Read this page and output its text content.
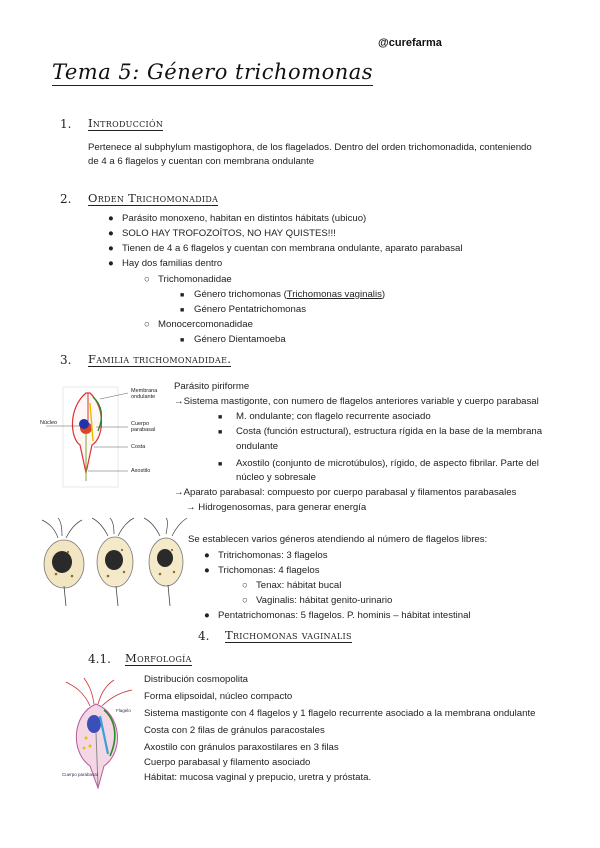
@curefarma
Tema 5: Género trichomonas
1. Introducción
Pertenece al subphylum mastigophora, de los flagelados. Dentro del orden trichomonadida, conteniendo
de 4 a 6 flagelos y cuentan con membrana ondulante
2. Orden Trichomonadida
● Parásito monoxeno, habitan en distintos hábitats (ubicuo)
● SOLO HAY TROFOZOÍTOS, NO HAY QUISTES!!!
● Tienen de 4 a 6 flagelos y cuentan con membrana ondulante, aparato parabasal
● Hay dos familias dentro
○ Trichomonadidae
■ Género trichomonas (Trichomonas vaginalis)
■ Género Pentatrichomonas
○ Monocercomonadidae
■ Género Dientamoeba
3. Familia trichomonadidae.
Membrana
ondulante
Núcleo	Cuerpo
parabasal
Costa
Axostilo
Parásito piriforme
→Sistema mastigonte, con numero de flagelos anteriores variable y cuerpo parabasal
■ M. ondulante; con flagelo recurrente asociado
■ Costa (función estructural), estructura rígida en la base de la membrana
ondulante
■ Axostilo (conjunto de microtúbulos), rígido, de aspecto fibrilar. Parte del
núcleo y sobresale
→Aparato parabasal: compuesto por cuerpo parabasal y filamentos parabasales
→ Hidrogenosomas, para generar energía
Se establecen varios géneros atendiendo al número de flagelos libres:
● Tritrichomonas: 3 flagelos
● Trichomonas: 4 flagelos
○ Tenax: hábitat bucal
○ Vaginalis: hábitat genito-urinario
● Pentatrichomonas: 5 flagelos. P. hominis – hábitat intestinal
4. Trichomonas vaginalis
4.1. Morfología
Cuerpo parabasal
Flagelo
Distribución cosmopolita
Forma elipsoidal, núcleo compacto
Sistema mastigonte con 4 flagelos y 1 flagelo recurrente asociado a la membrana ondulante
Costa con 2 filas de gránulos paracostales
Axostilo con gránulos paraxostilares en 3 filas
Cuerpo parabasal y filamento asociado
Hábitat: mucosa vaginal y prepucio, uretra y próstata.
